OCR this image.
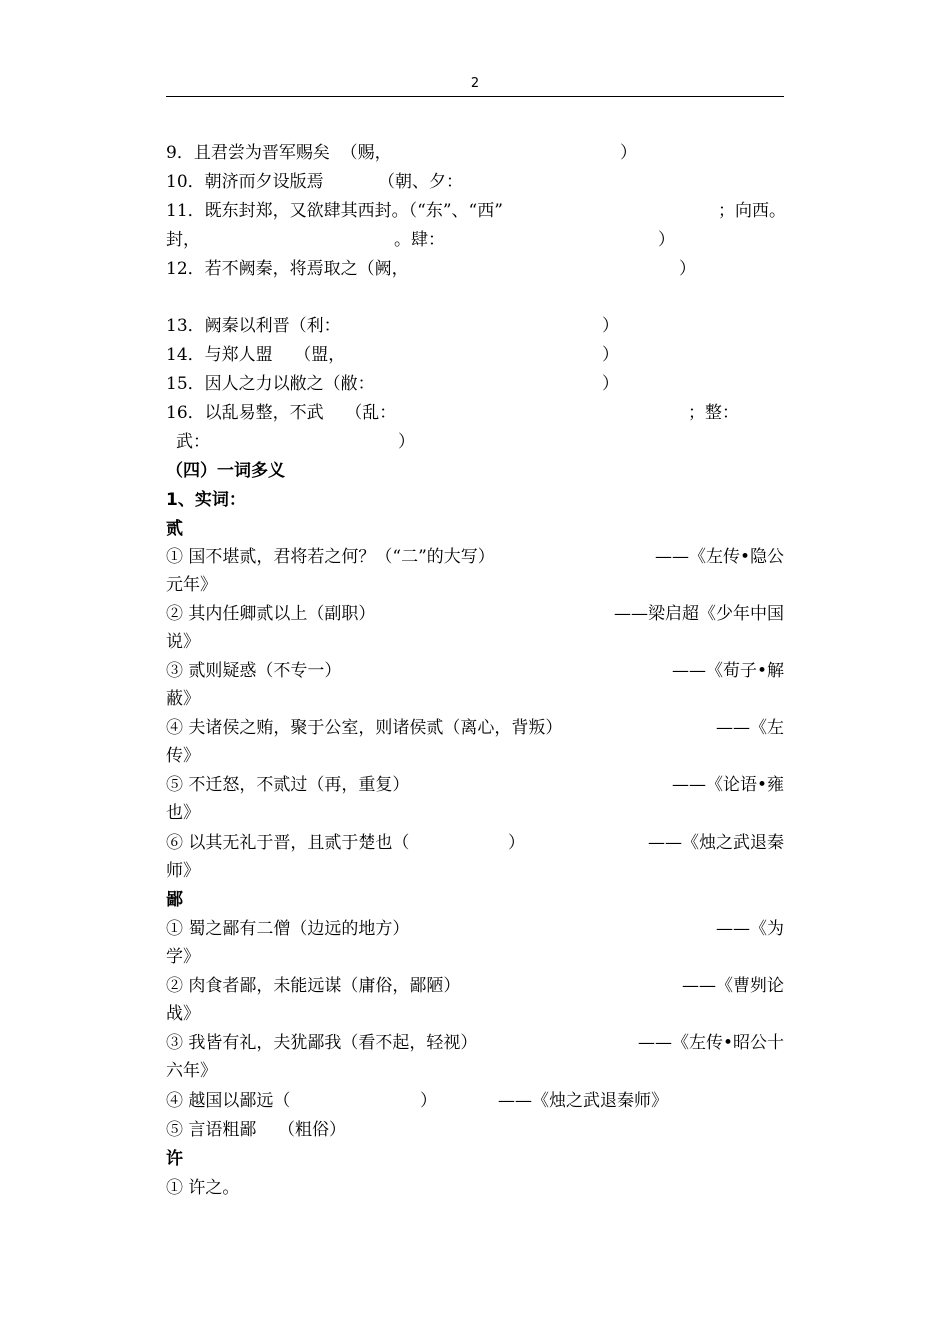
2
9．且君尝为晋军赐矣  （赐，	）
10．朝济而夕设版焉	（朝、夕：
11．既东封郑，又欲肆其西封。（“东”、“西”	；向西。
封，	。肆：	）
12．若不阙秦，将焉取之（阙，	）
13．阙秦以利晋（利：	）
14．与郑人盟    （盟，	）
15．因人之力以敝之（敝：	）
16．以乱易整，不武    （乱：	；整：
武：	）
（四）一词多义
1、实词：
贰
① 国不堪贰，君将若之何？（“二”的大写）	——《左传•隐公
元年》
② 其内任卿贰以上（副职）	——梁启超《少年中国
说》
③ 贰则疑惑（不专一）	——《荀子•解
蔽》
④ 夫诸侯之贿，聚于公室，则诸侯贰（离心，背叛）	——《左
传》
⑤ 不迁怒，不贰过（再，重复）	——《论语•雍
也》
⑥ 以其无礼于晋，且贰于楚也（	）	——《烛之武退秦
师》
鄙
① 蜀之鄙有二僧（边远的地方）	——《为
学》
② 肉食者鄙，未能远谋（庸俗，鄙陋）	——《曹刿论
战》
③ 我皆有礼，夫犹鄙我（看不起，轻视）	——《左传•昭公十
六年》
④ 越国以鄙远（	）	——《烛之武退秦师》
⑤ 言语粗鄙    （粗俗）
许
① 许之。
